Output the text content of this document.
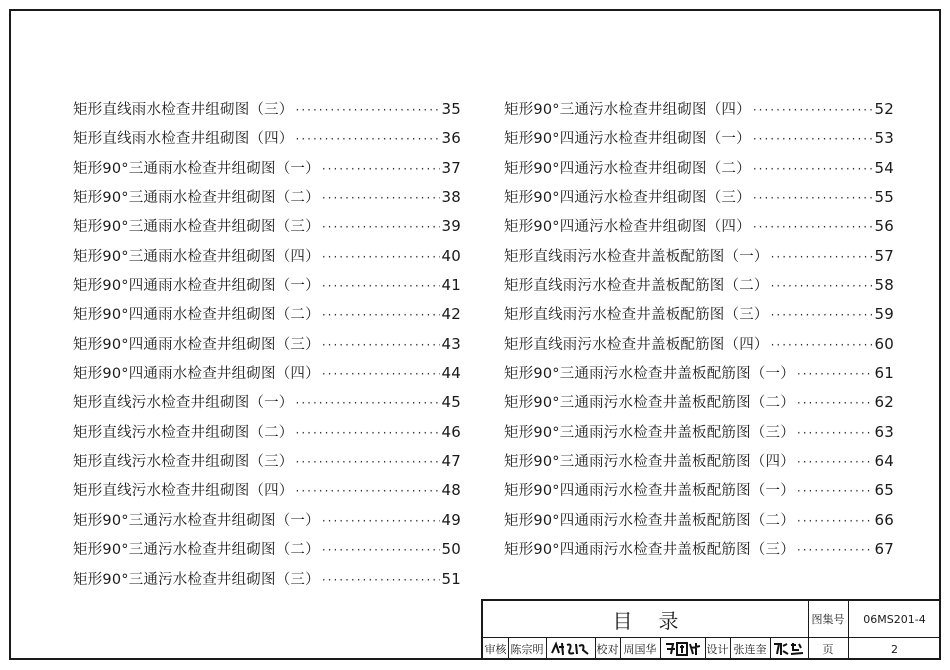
矩形直线雨水检查井组砌图（三） ·····	35
矩形直线雨水检查井组砌图（四） ·····	36
矩形90°三通雨水检查井组砌图（一） ·····	37
矩形90°三通雨水检查井组砌图（二） ·····	38
矩形90°三通雨水检查井组砌图（三） ·····	39
矩形90°三通雨水检查井组砌图（四） ·····	40
矩形90°四通雨水检查井组砌图（一） ·····	41
矩形90°四通雨水检查井组砌图（二） ·····	42
矩形90°四通雨水检查井组砌图（三） ·····	43
矩形90°四通雨水检查井组砌图（四） ·····	44
矩形直线污水检查井组砌图（一） ·····	45
矩形直线污水检查井组砌图（二） ·····	46
矩形直线污水检查井组砌图（三） ·····	47
矩形直线污水检查井组砌图（四） ·····	48
矩形90°三通污水检查井组砌图（一） ·····	49
矩形90°三通污水检查井组砌图（二） ·····	50
矩形90°三通污水检查井组砌图（三） ·····	51
矩形90°三通污水检查井组砌图（四） ·····	52
矩形90°四通污水检查井组砌图（一） ·····	53
矩形90°四通污水检查井组砌图（二） ·····	54
矩形90°四通污水检查井组砌图（三） ·····	55
矩形90°四通污水检查井组砌图（四） ·····	56
矩形直线雨污水检查井盖板配筋图（一） ·····	57
矩形直线雨污水检查井盖板配筋图（二） ·····	58
矩形直线雨污水检查井盖板配筋图（三） ·····	59
矩形直线雨污水检查井盖板配筋图（四） ·····	60
矩形90°三通雨污水检查井盖板配筋图（一） ·····	61
矩形90°三通雨污水检查井盖板配筋图（二） ·····	62
矩形90°三通雨污水检查井盖板配筋图（三） ·····	63
矩形90°三通雨污水检查井盖板配筋图（四） ·····	64
矩形90°四通雨污水检查井盖板配筋图（一） ·····	65
矩形90°四通雨污水检查井盖板配筋图（二） ·····	66
矩形90°四通雨污水检查井盖板配筋图（三） ·····	67
目录	图集号	06MS201-4
审核 陈宗明	校对 周国华	设计 张连奎	页	2
